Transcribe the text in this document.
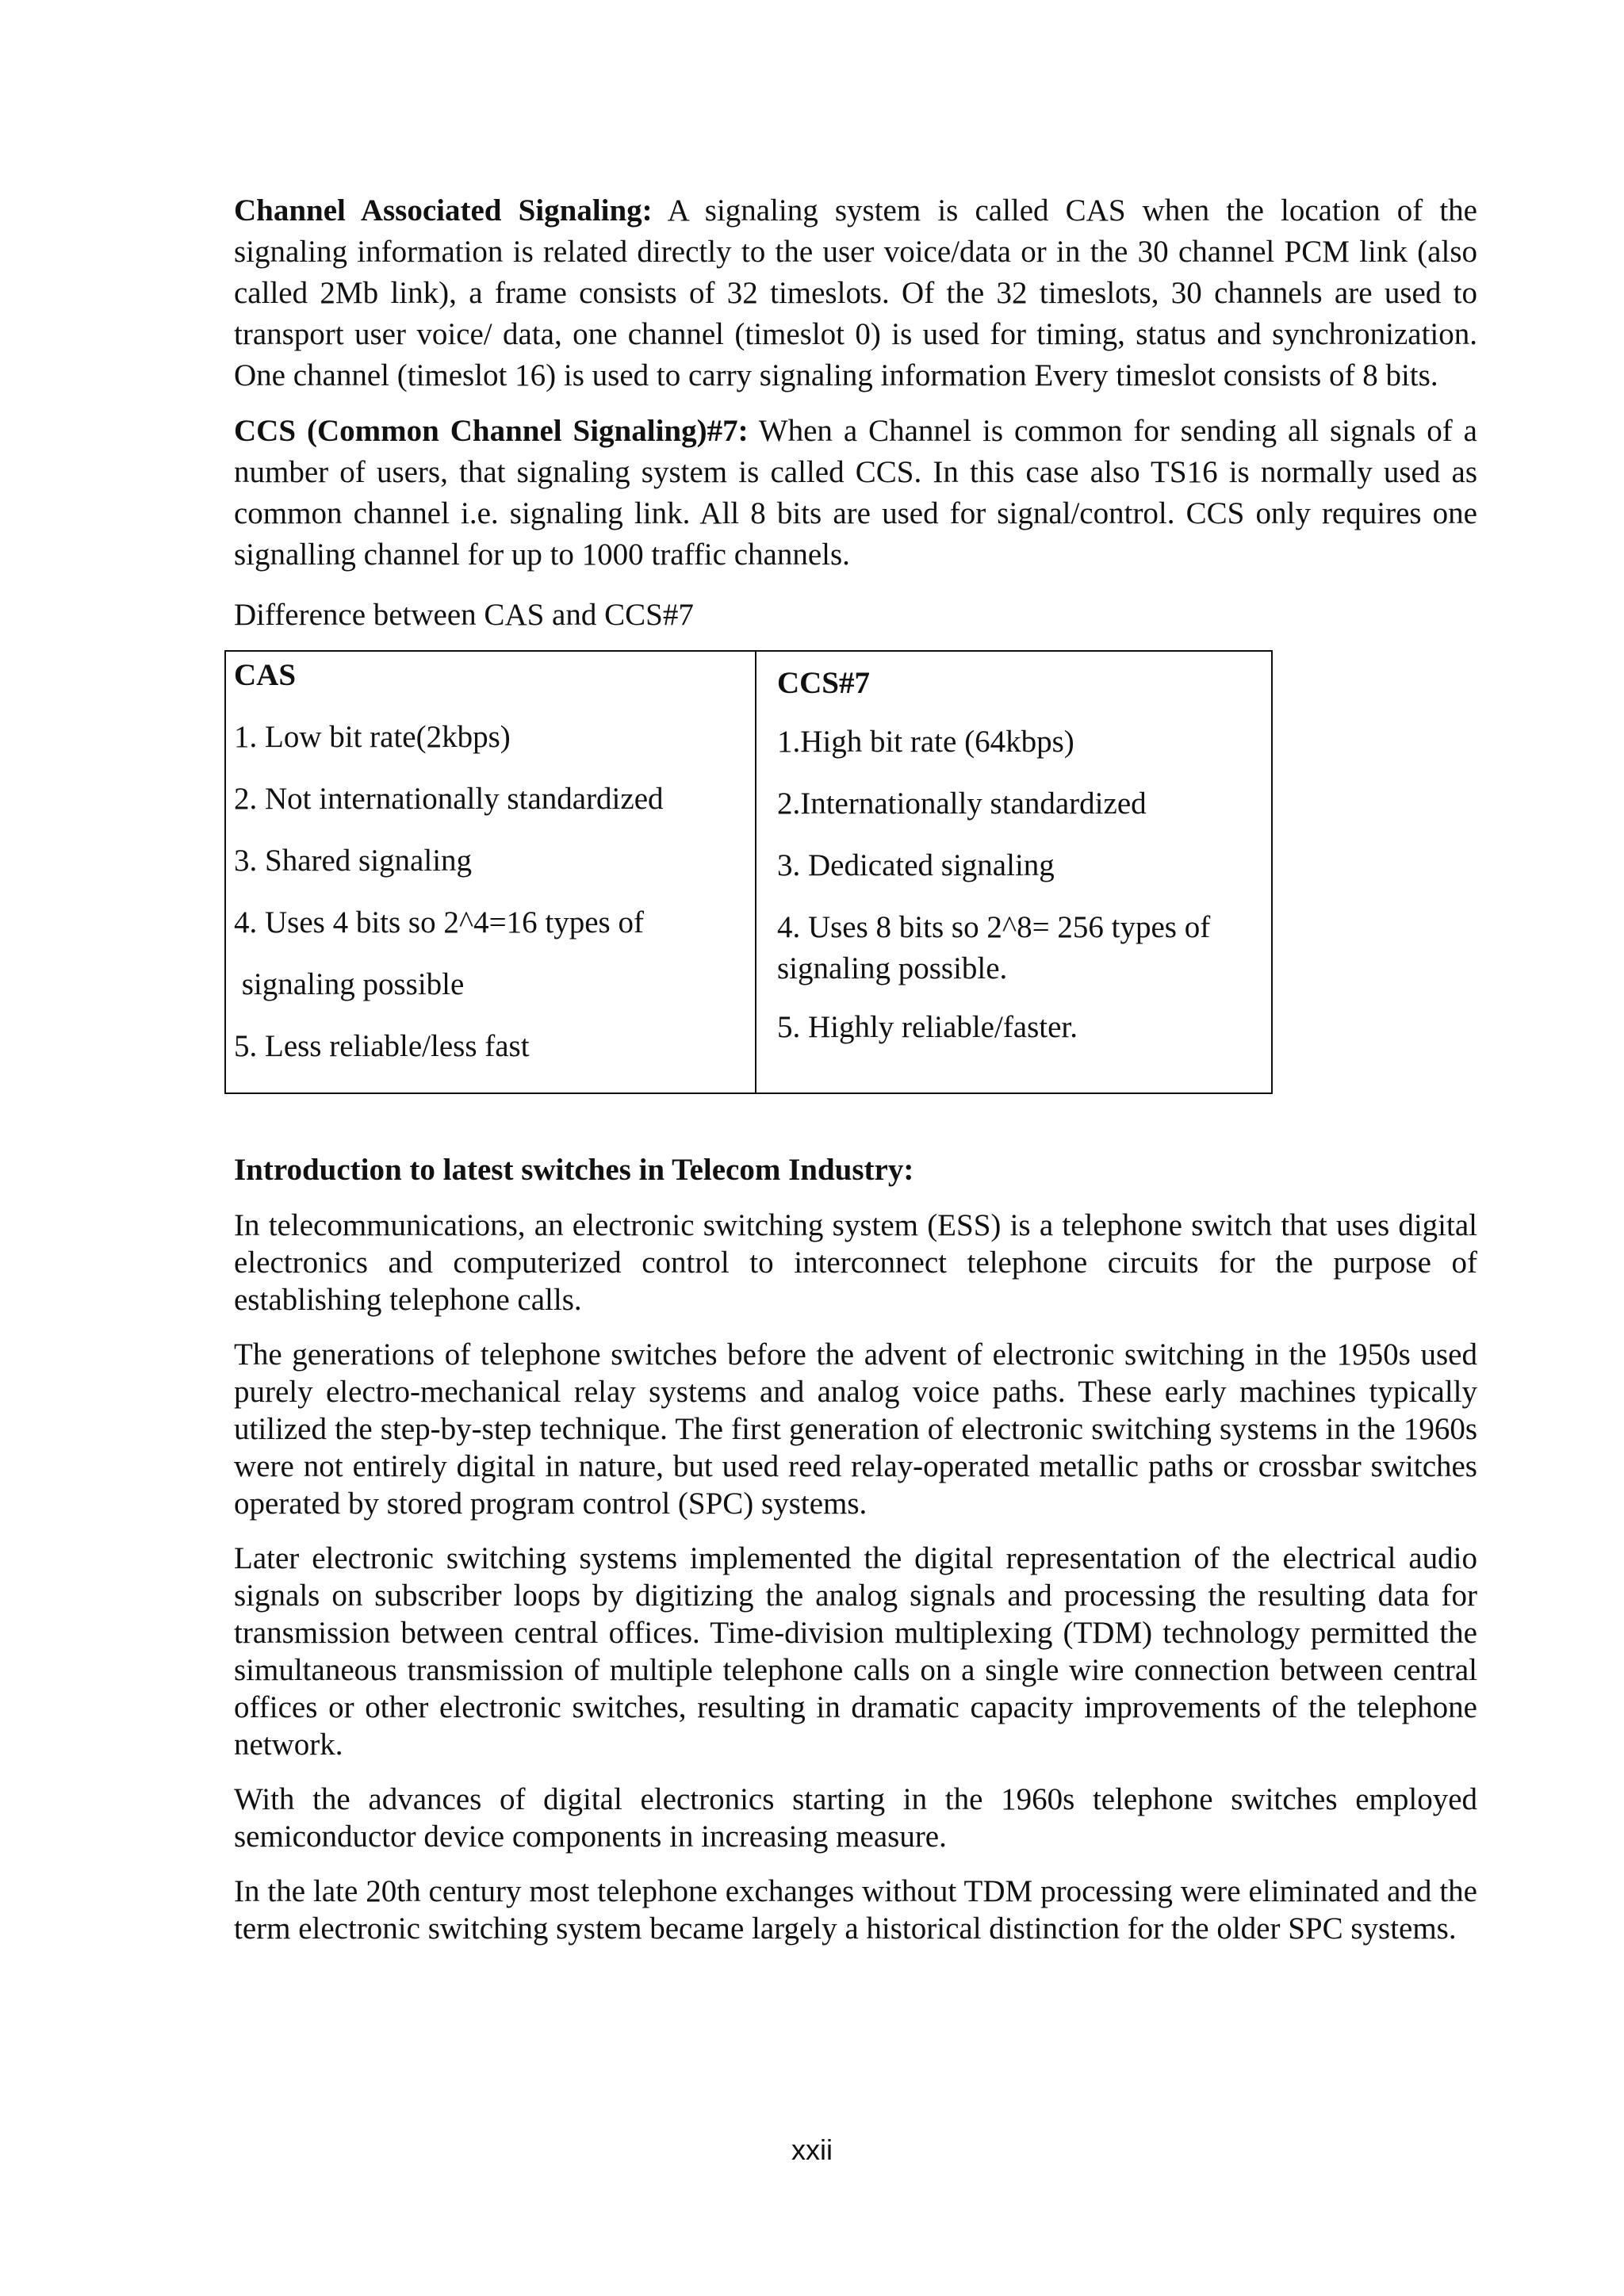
Channel Associated Signaling: A signaling system is called CAS when the location of the signaling information is related directly to the user voice/data or in the 30 channel PCM link (also called 2Mb link), a frame consists of 32 timeslots. Of the 32 timeslots, 30 channels are used to transport user voice/ data, one channel (timeslot 0) is used for timing, status and synchronization. One channel (timeslot 16) is used to carry signaling information Every timeslot consists of 8 bits.

CCS (Common Channel Signaling)#7: When a Channel is common for sending all signals of a number of users, that signaling system is called CCS. In this case also TS16 is normally used as common channel i.e. signaling link. All 8 bits are used for signal/control. CCS only requires one signalling channel for up to 1000 traffic channels.

Difference between CAS and CCS#7

CAS
1. Low bit rate(2kbps)
2. Not internationally standardized
3. Shared signaling
4. Uses 4 bits so 2^4=16 types of
signaling possible
5. Less reliable/less fast
CCS#7
1.High bit rate (64kbps)
2.Internationally standardized
3. Dedicated signaling
4. Uses 8 bits so 2^8= 256 types of signaling possible.
5. Highly reliable/faster.
Introduction to latest switches in Telecom Industry:

In telecommunications, an electronic switching system (ESS) is a telephone switch that uses digital electronics and computerized control to interconnect telephone circuits for the purpose of establishing telephone calls.

The generations of telephone switches before the advent of electronic switching in the 1950s used purely electro-mechanical relay systems and analog voice paths. These early machines typically utilized the step-by-step technique. The first generation of electronic switching systems in the 1960s were not entirely digital in nature, but used reed relay-operated metallic paths or crossbar switches operated by stored program control (SPC) systems.

Later electronic switching systems implemented the digital representation of the electrical audio signals on subscriber loops by digitizing the analog signals and processing the resulting data for transmission between central offices. Time-division multiplexing (TDM) technology permitted the simultaneous transmission of multiple telephone calls on a single wire connection between central offices or other electronic switches, resulting in dramatic capacity improvements of the telephone network.

With the advances of digital electronics starting in the 1960s telephone switches employed semiconductor device components in increasing measure.

In the late 20th century most telephone exchanges without TDM processing were eliminated and the term electronic switching system became largely a historical distinction for the older SPC systems.

xxii
